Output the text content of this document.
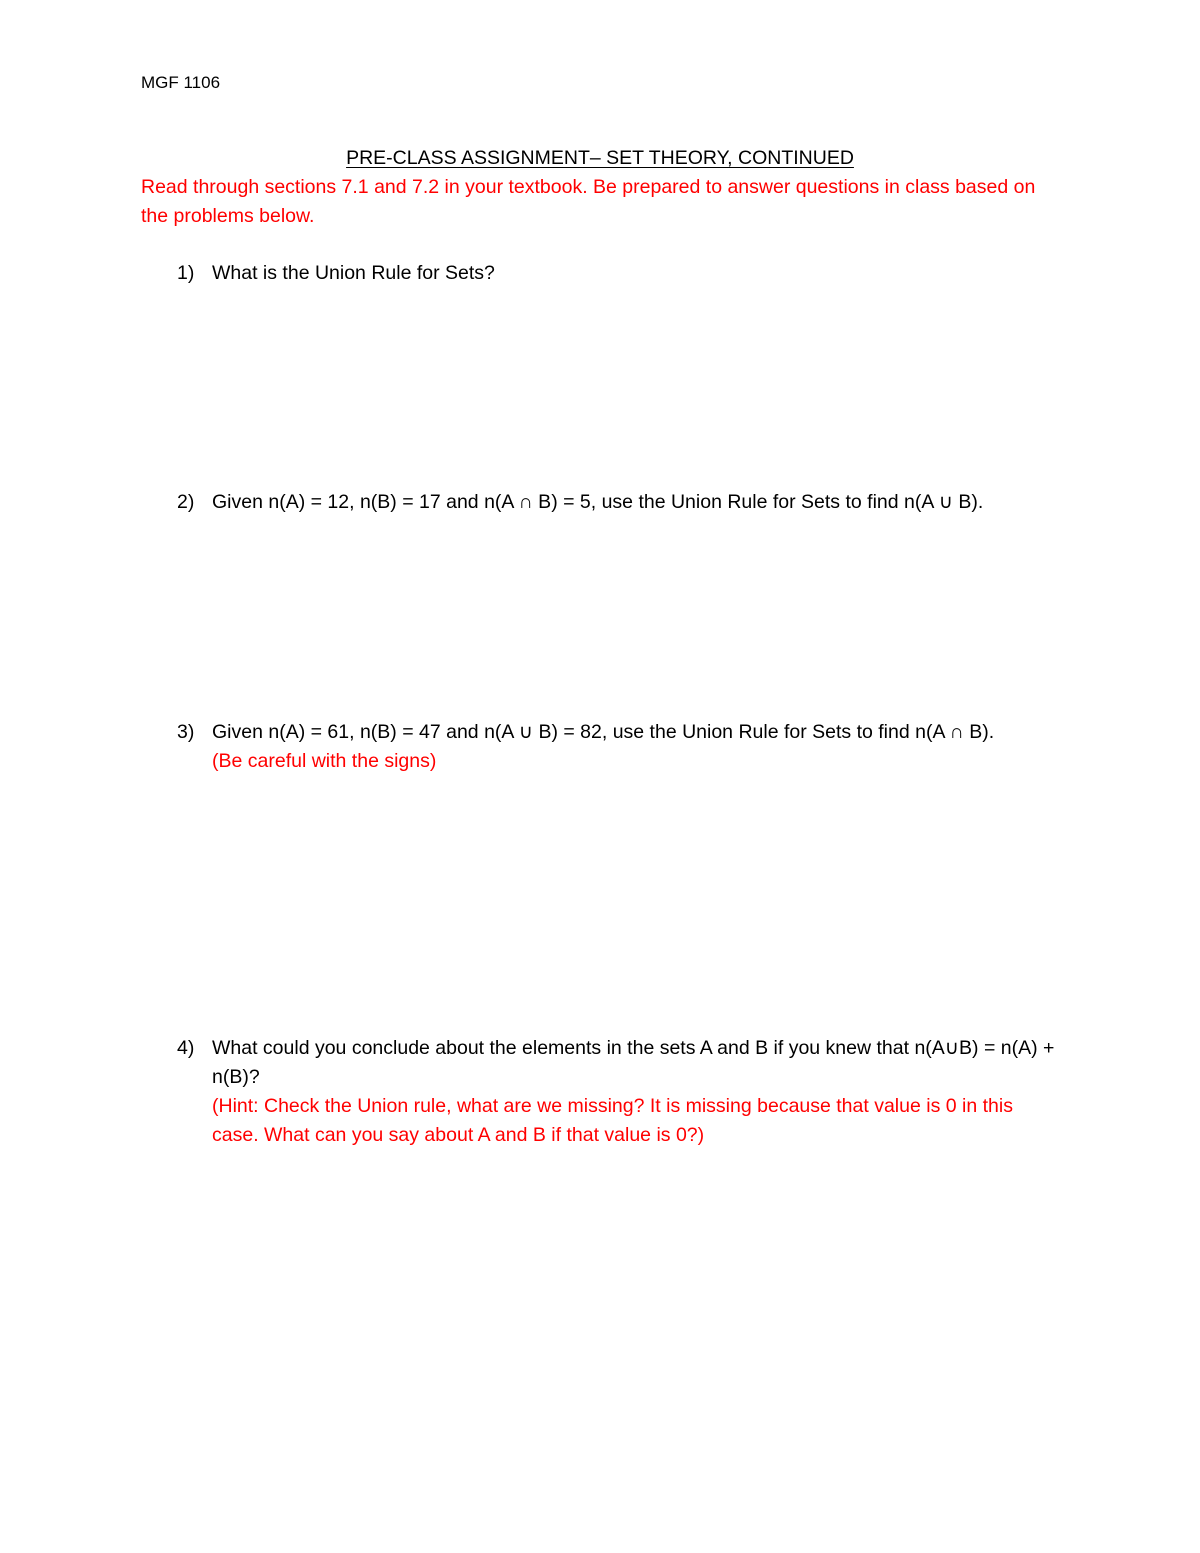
MGF 1106
PRE-CLASS ASSIGNMENT– SET THEORY, CONTINUED
Read through sections 7.1 and 7.2 in your textbook. Be prepared to answer questions in class based on the problems below.
1) What is the Union Rule for Sets?
2) Given n(A) = 12, n(B) = 17 and n(A ∩ B) = 5, use the Union Rule for Sets to find n(A ∪ B).
3) Given n(A) = 61, n(B) = 47 and n(A ∪ B) = 82, use the Union Rule for Sets to find n(A ∩ B).
(Be careful with the signs)
4) What could you conclude about the elements in the sets A and B if you knew that n(A∪B) = n(A) + n(B)?
(Hint: Check the Union rule, what are we missing? It is missing because that value is 0 in this case. What can you say about A and B if that value is 0?)
